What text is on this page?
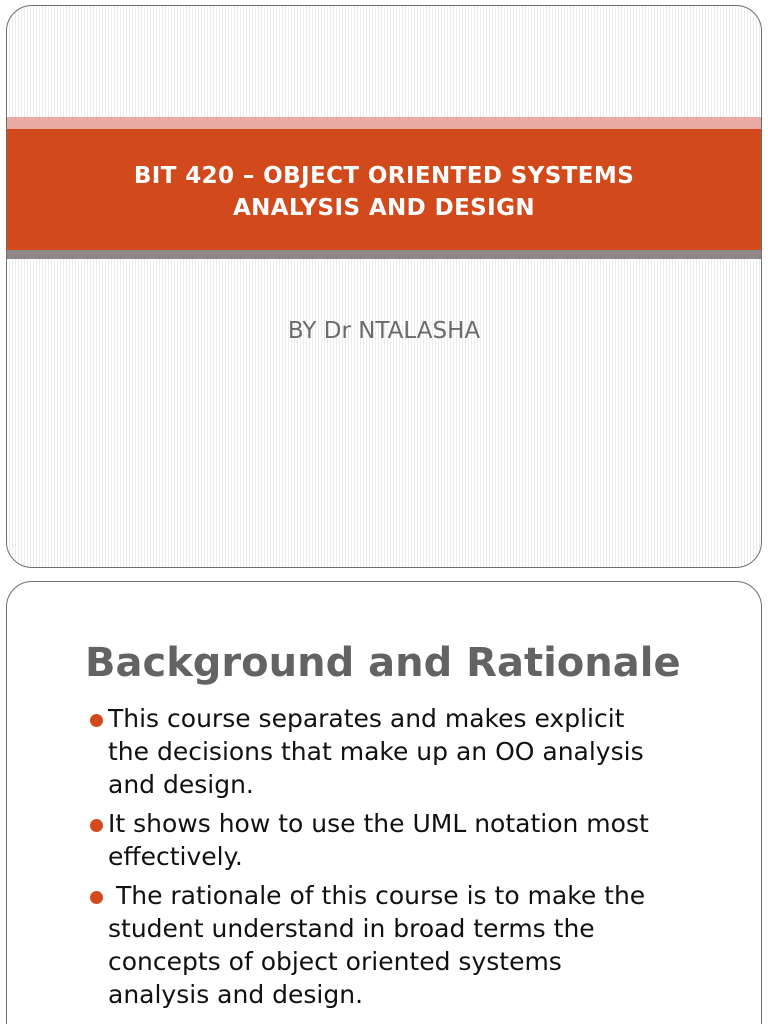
BIT 420 – OBJECT ORIENTED SYSTEMS
ANALYSIS AND DESIGN
BY Dr NTALASHA
Background and Rationale
This course separates and makes explicit
the decisions that make up an OO analysis
and design.
It shows how to use the UML notation most
effectively.
The rationale of this course is to make the
student understand in broad terms the
concepts of object oriented systems
analysis and design.
